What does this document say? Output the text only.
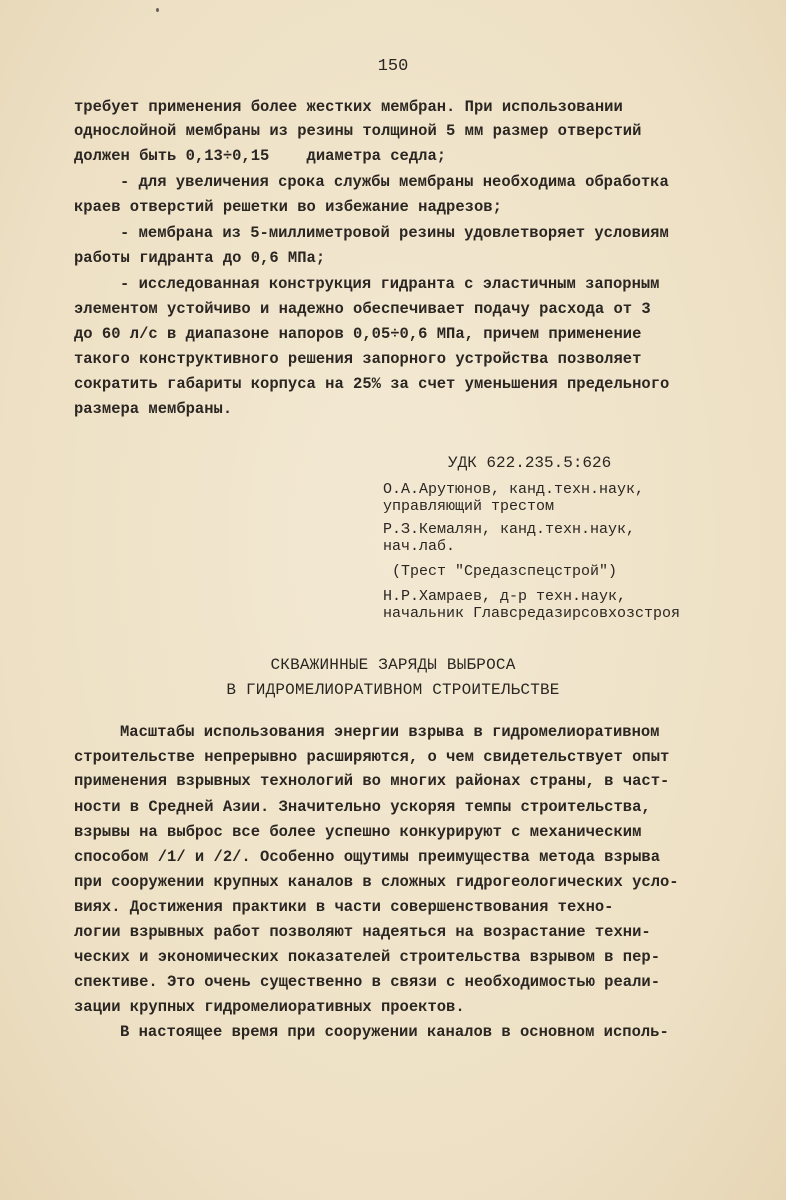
150
требует применения более жестких мембран. При использовании
однослойной мембраны из резины толщиной 5 мм размер отверстий
должен быть 0,13÷0,15    диаметра седла;
- для увеличения срока службы мембраны необходима обработка
краев отверстий решетки во избежание надрезов;
- мембрана из 5-миллиметровой резины удовлетворяет условиям
работы гидранта до 0,6 МПа;
- исследованная конструкция гидранта с эластичным запорным
элементом устойчиво и надежно обеспечивает подачу расхода от 3
до 60 л/с в диапазоне напоров 0,05÷0,6 МПа, причем применение
такого конструктивного решения запорного устройства позволяет
сократить габариты корпуса на 25% за счет уменьшения предельного
размера мембраны.
УДК 622.235.5:626
О.А.Арутюнов, канд.техн.наук,
управляющий трестом
Р.З.Кемалян, канд.техн.наук,
нач.лаб.
(Трест "Средазспецстрой")
Н.Р.Хамраев, д-р техн.наук,
начальник Главсредазирсовхозстроя
СКВАЖИННЫЕ ЗАРЯДЫ ВЫБРОСА
В ГИДРОМЕЛИОРАТИВНОМ СТРОИТЕЛЬСТВЕ
Масштабы использования энергии взрыва в гидромелиоративном
строительстве непрерывно расширяются, о чем свидетельствует опыт
применения взрывных технологий во многих районах страны, в част-
ности в Средней Азии. Значительно ускоряя темпы строительства,
взрывы на выброс все более успешно конкурируют с механическим
способом /1/ и /2/. Особенно ощутимы преимущества метода взрыва
при сооружении крупных каналов в сложных гидрогеологических усло-
виях. Достижения практики в части совершенствования техно-
логии взрывных работ позволяют надеяться на возрастание техни-
ческих и экономических показателей строительства взрывом в пер-
спективе. Это очень существенно в связи с необходимостью реали-
зации крупных гидромелиоративных проектов.
В настоящее время при сооружении каналов в основном исполь-
